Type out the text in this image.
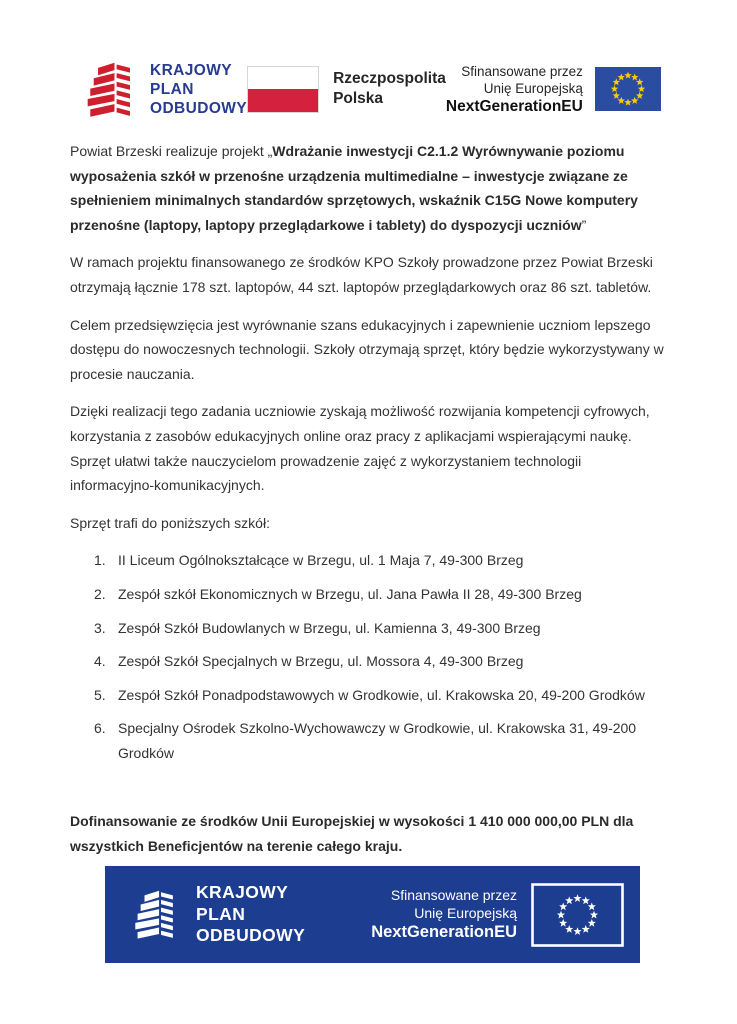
KRAJOWY
PLAN
ODBUDOWY
Rzeczpospolita
Polska
Sfinansowane przez
Unię Europejską
NextGenerationEU

Powiat Brzeski realizuje projekt „Wdrażanie inwestycji C2.1.2 Wyrównywanie poziomu wyposażenia szkół w przenośne urządzenia multimedialne – inwestycje związane ze spełnieniem minimalnych standardów sprzętowych, wskaźnik C15G Nowe komputery przenośne (laptopy, laptopy przeglądarkowe i tablety) do dyspozycji uczniów”

W ramach projektu finansowanego ze środków KPO Szkoły prowadzone przez Powiat Brzeski otrzymają łącznie 178 szt. laptopów, 44 szt. laptopów przeglądarkowych oraz 86 szt. tabletów.

Celem przedsięwzięcia jest wyrównanie szans edukacyjnych i zapewnienie uczniom lepszego dostępu do nowoczesnych technologii. Szkoły otrzymają sprzęt, który będzie wykorzystywany w procesie nauczania.

Dzięki realizacji tego zadania uczniowie zyskają możliwość rozwijania kompetencji cyfrowych, korzystania z zasobów edukacyjnych online oraz pracy z aplikacjami wspierającymi naukę. Sprzęt ułatwi także nauczycielom prowadzenie zajęć z wykorzystaniem technologii informacyjno-komunikacyjnych.

Sprzęt trafi do poniższych szkół:

II Liceum Ogólnokształcące w Brzegu, ul. 1 Maja 7, 49-300 Brzeg
Zespół szkół Ekonomicznych w Brzegu, ul. Jana Pawła II 28, 49-300 Brzeg
Zespół Szkół Budowlanych w Brzegu, ul. Kamienna 3, 49-300 Brzeg
Zespół Szkół Specjalnych w Brzegu, ul. Mossora 4, 49-300 Brzeg
Zespół Szkół Ponadpodstawowych w Grodkowie, ul. Krakowska 20, 49-200 Grodków
Specjalny Ośrodek Szkolno-Wychowawczy w Grodkowie, ul. Krakowska 31, 49-200 Grodków

Dofinansowanie ze środków Unii Europejskiej w wysokości 1 410 000 000,00 PLN dla wszystkich Beneficjentów na terenie całego kraju.

KRAJOWY
PLAN
ODBUDOWY
Sfinansowane przez
Unię Europejską
NextGenerationEU
